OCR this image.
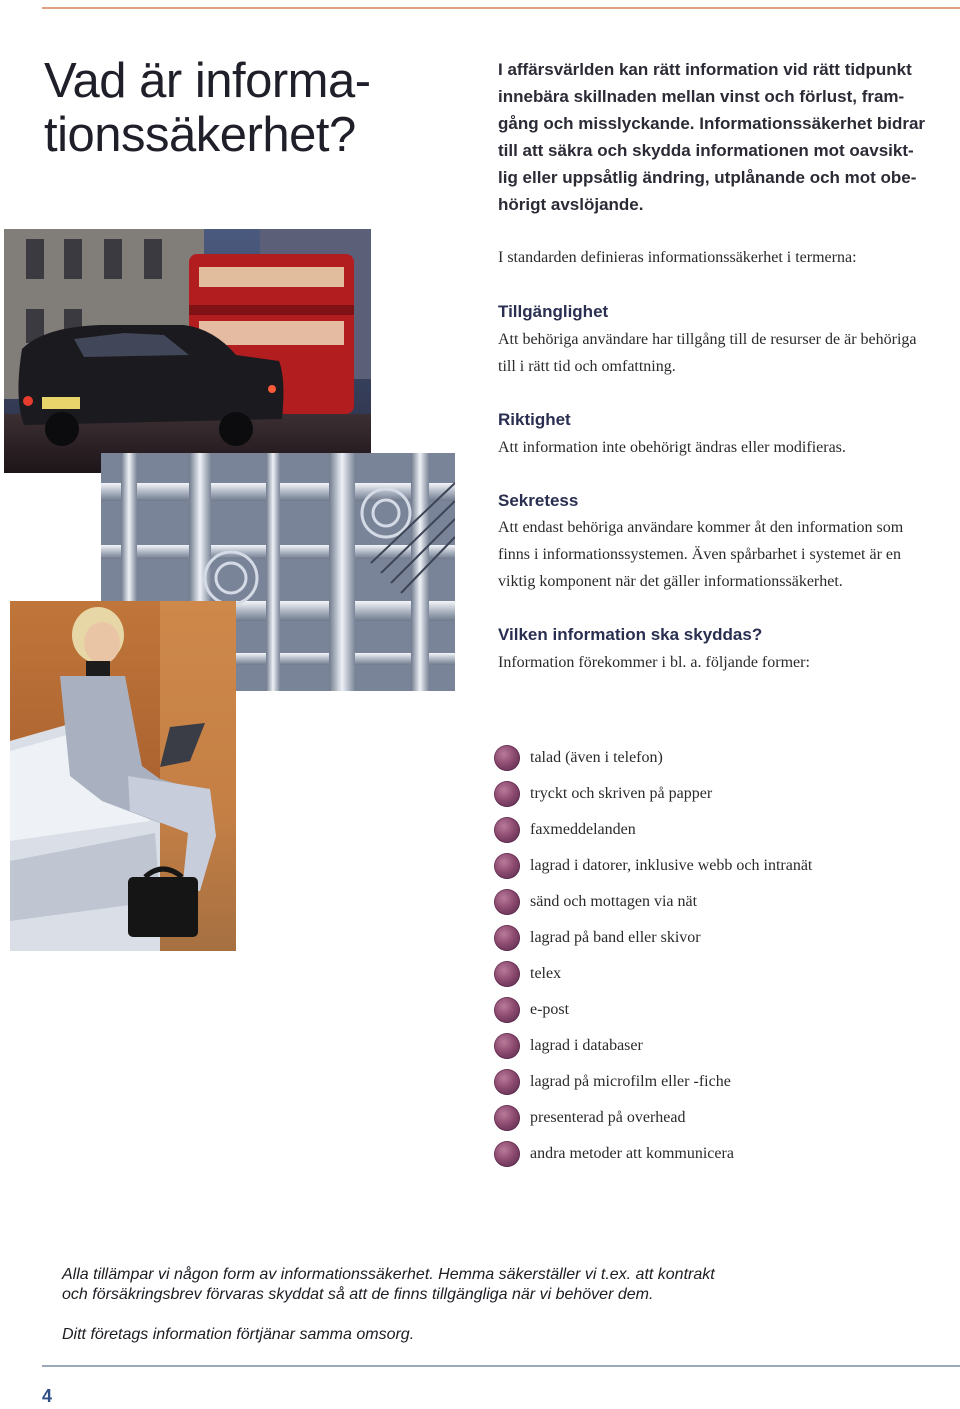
Vad är informa-
tionssäkerhet?

I affärsvärlden kan rätt information vid rätt tidpunkt
innebära skillnaden mellan vinst och förlust, fram-
gång och misslyckande. Informationssäkerhet bidrar
till att säkra och skydda informationen mot oavsikt-
lig eller uppsåtlig ändring, utplånande och mot obe-
hörigt avslöjande.

I standarden definieras informationssäkerhet i termerna:

Tillgänglighet

Att behöriga användare har tillgång till de resurser de är behöriga
till i rätt tid och omfattning.

Riktighet

Att information inte obehörigt ändras eller modifieras.

Sekretess

Att endast behöriga användare kommer åt den information som
finns i informationssystemen. Även spårbarhet i systemet är en
viktig komponent när det gäller informationssäkerhet.

Vilken information ska skyddas?

Information förekommer i bl. a. följande former:

talad (även i telefon)
tryckt och skriven på papper
faxmeddelanden
lagrad i datorer, inklusive webb och intranät
sänd och mottagen via nät
lagrad på band eller skivor
telex
e-post
lagrad i databaser
lagrad på microfilm eller -fiche
presenterad på overhead
andra metoder att kommunicera

Alla tillämpar vi någon form av informationssäkerhet. Hemma säkerställer vi t.ex. att kontrakt
och försäkringsbrev förvaras skyddat så att de finns tillgängliga när vi behöver dem.

Ditt företags information förtjänar samma omsorg.

4
